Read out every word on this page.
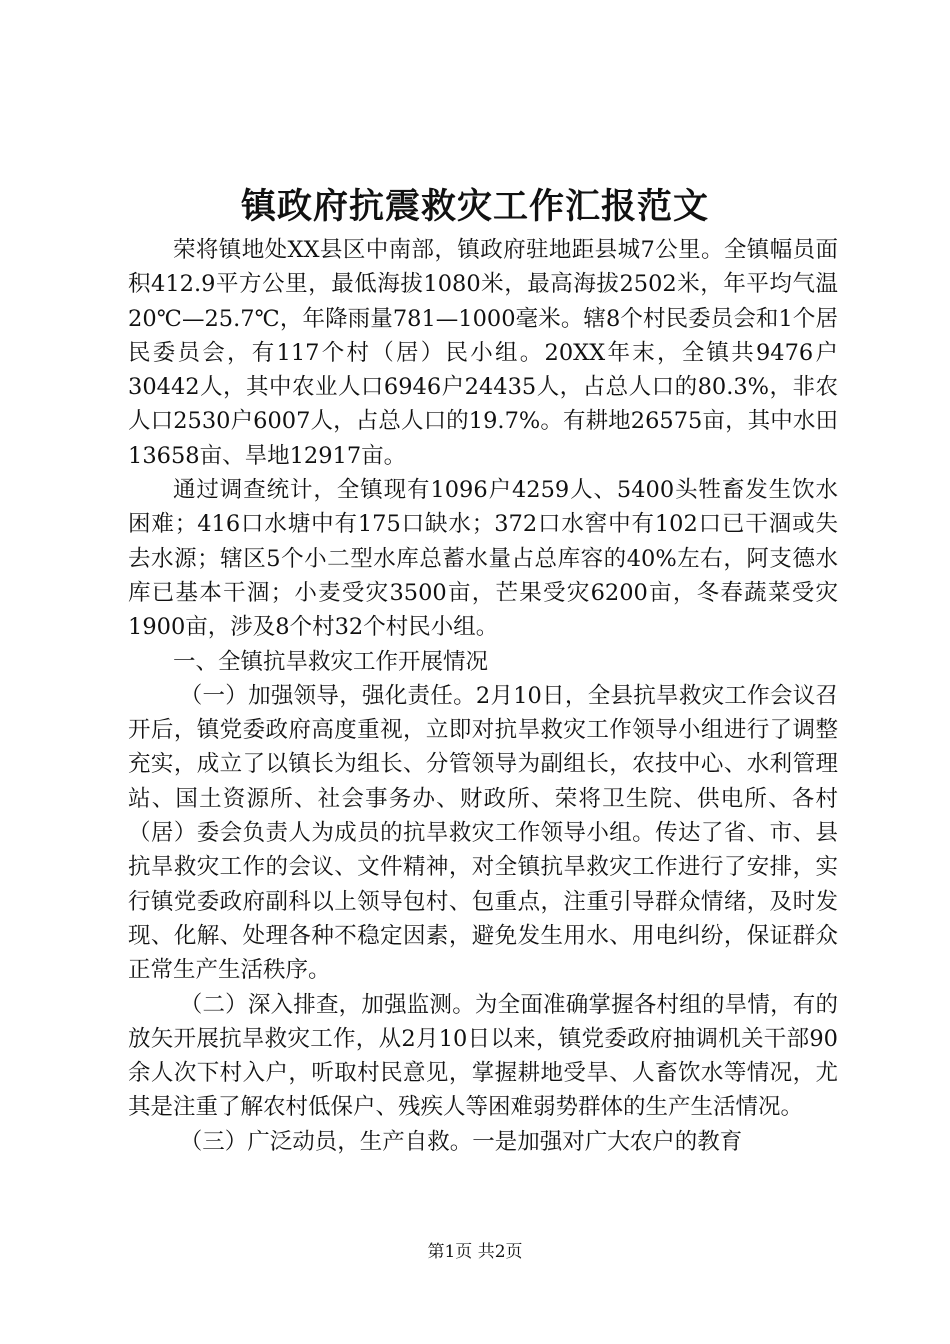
镇政府抗震救灾工作汇报范文

荣将镇地处XX县区中南部，镇政府驻地距县城7公里。全镇幅员面积412.9平方公里，最低海拔1080米，最高海拔2502米，年平均气温20℃—25.7℃，年降雨量781—1000毫米。辖8个村民委员会和1个居民委员会，有117个村（居）民小组。20XX年末，全镇共9476户30442人，其中农业人口6946户24435人，占总人口的80.3%，非农人口2530户6007人，占总人口的19.7%。有耕地26575亩，其中水田13658亩、旱地12917亩。

通过调查统计，全镇现有1096户4259人、5400头牲畜发生饮水困难；416口水塘中有175口缺水；372口水窖中有102口已干涸或失去水源；辖区5个小二型水库总蓄水量占总库容的40%左右，阿支德水库已基本干涸；小麦受灾3500亩，芒果受灾6200亩，冬春蔬菜受灾1900亩，涉及8个村32个村民小组。

一、全镇抗旱救灾工作开展情况

（一）加强领导，强化责任。2月10日，全县抗旱救灾工作会议召开后，镇党委政府高度重视，立即对抗旱救灾工作领导小组进行了调整充实，成立了以镇长为组长、分管领导为副组长，农技中心、水利管理站、国土资源所、社会事务办、财政所、荣将卫生院、供电所、各村（居）委会负责人为成员的抗旱救灾工作领导小组。传达了省、市、县抗旱救灾工作的会议、文件精神，对全镇抗旱救灾工作进行了安排，实行镇党委政府副科以上领导包村、包重点，注重引导群众情绪，及时发现、化解、处理各种不稳定因素，避免发生用水、用电纠纷，保证群众正常生产生活秩序。

（二）深入排查，加强监测。为全面准确掌握各村组的旱情，有的放矢开展抗旱救灾工作，从2月10日以来，镇党委政府抽调机关干部90余人次下村入户，听取村民意见，掌握耕地受旱、人畜饮水等情况，尤其是注重了解农村低保户、残疾人等困难弱势群体的生产生活情况。

（三）广泛动员，生产自救。一是加强对广大农户的教育

第1页 共2页
